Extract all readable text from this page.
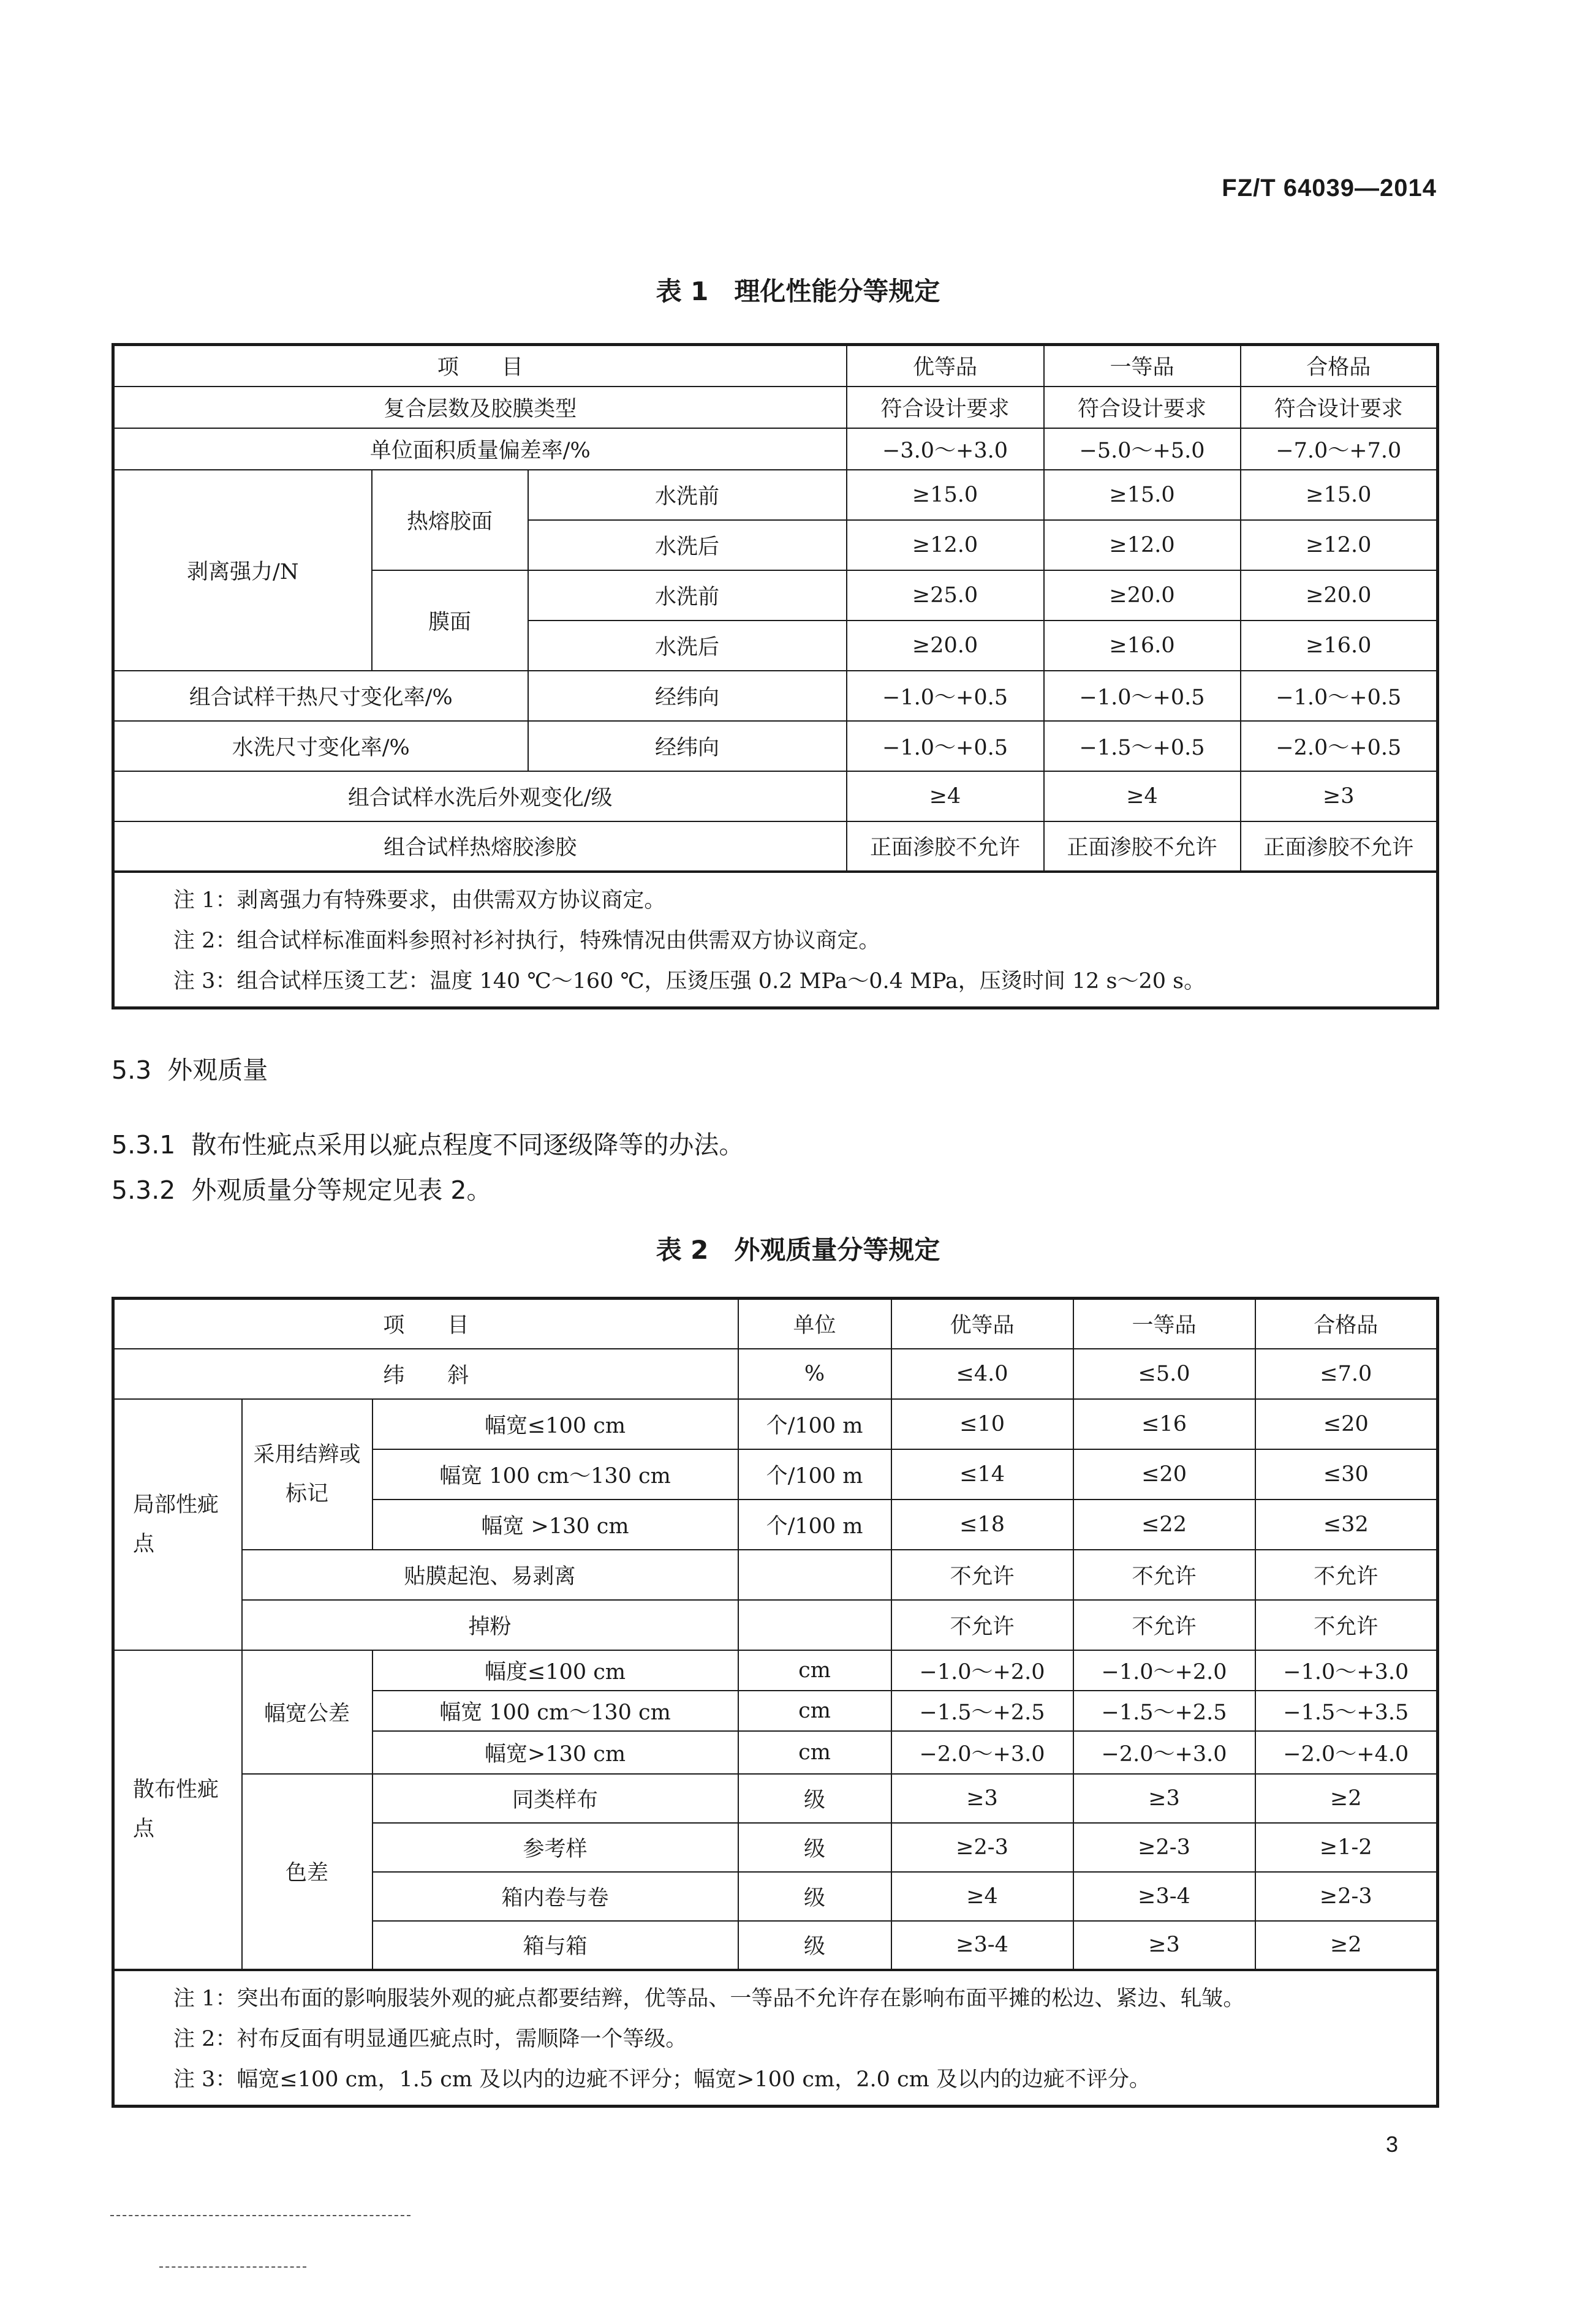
FZ/T 64039—2014
表 1 理化性能分等规定
项　　目			优等品	一等品	合格品
复合层数及胶膜类型			符合设计要求	符合设计要求	符合设计要求
单位面积质量偏差率/%			−3.0～+3.0	−5.0～+5.0	−7.0～+7.0
剥离强力/N	热熔胶面	水洗前	≥15.0	≥15.0	≥15.0
		水洗后	≥12.0	≥12.0	≥12.0
	膜面	水洗前	≥25.0	≥20.0	≥20.0
		水洗后	≥20.0	≥16.0	≥16.0
组合试样干热尺寸变化率/%		经纬向	−1.0～+0.5	−1.0～+0.5	−1.0～+0.5
水洗尺寸变化率/%		经纬向	−1.0～+0.5	−1.5～+0.5	−2.0～+0.5
组合试样水洗后外观变化/级			≥4	≥4	≥3
组合试样热熔胶渗胶			正面渗胶不允许	正面渗胶不允许	正面渗胶不允许

注 1：剥离强力有特殊要求，由供需双方协议商定。
注 2：组合试样标准面料参照衬衫衬执行，特殊情况由供需双方协议商定。
注 3：组合试样压烫工艺：温度 140 ℃～160 ℃，压烫压强 0.2 MPa～0.4 MPa，压烫时间 12 s～20 s。					
5.3 外观质量
5.3.1 散布性疵点采用以疵点程度不同逐级降等的办法。
5.3.2 外观质量分等规定见表 2。
表 2 外观质量分等规定
项　　目			单位	优等品	一等品	合格品
纬　　斜			%	≤4.0	≤5.0	≤7.0
局部性疵点	采用结辫或标记	幅宽≤100 cm	个/100 m	≤10	≤16	≤20
		幅宽 100 cm～130 cm	个/100 m	≤14	≤20	≤30
		幅宽 >130 cm	个/100 m	≤18	≤22	≤32
	贴膜起泡、易剥离			不允许	不允许	不允许
	掉粉			不允许	不允许	不允许
散布性疵点	幅宽公差	幅度≤100 cm	cm	−1.0～+2.0	−1.0～+2.0	−1.0～+3.0
		幅宽 100 cm～130 cm	cm	−1.5～+2.5	−1.5～+2.5	−1.5～+3.5
		幅宽>130 cm	cm	−2.0～+3.0	−2.0～+3.0	−2.0～+4.0
	色差	同类样布	级	≥3	≥3	≥2
		参考样	级	≥2-3	≥2-3	≥1-2
		箱内卷与卷	级	≥4	≥3-4	≥2-3
		箱与箱	级	≥3-4	≥3	≥2

注 1：突出布面的影响服装外观的疵点都要结辫，优等品、一等品不允许存在影响布面平摊的松边、紧边、轧皱。
注 2：衬布反面有明显通匹疵点时，需顺降一个等级。
注 3：幅宽≤100 cm，1.5 cm 及以内的边疵不评分；幅宽>100 cm，2.0 cm 及以内的边疵不评分。						
3
